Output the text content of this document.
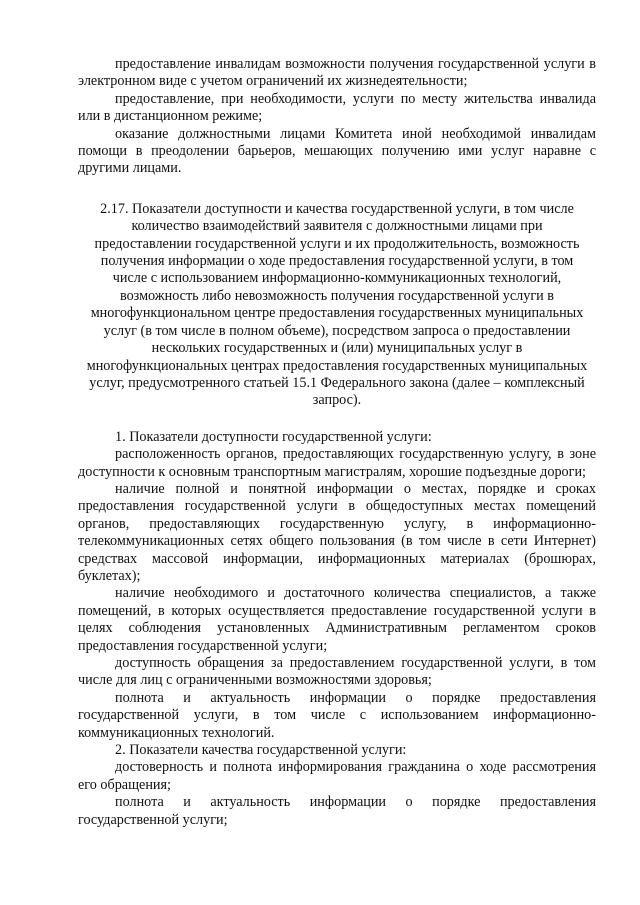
предоставление инвалидам возможности получения государственной услуги в электронном виде с учетом ограничений их жизнедеятельности;

предоставление, при необходимости, услуги по месту жительства инвалида или в дистанционном режиме;

оказание должностными лицами Комитета иной необходимой инвалидам помощи в преодолении барьеров, мешающих получению ими услуг наравне с другими лицами.

2.17. Показатели доступности и качества государственной услуги, в том числе количество взаимодействий заявителя с должностными лицами при предоставлении государственной услуги и их продолжительность, возможность получения информации о ходе предоставления государственной услуги, в том числе с использованием информационно-коммуникационных технологий, возможность либо невозможность получения государственной услуги в многофункциональном центре предоставления государственных муниципальных услуг (в том числе в полном объеме), посредством запроса о предоставлении нескольких государственных и (или) муниципальных услуг в многофункциональных центрах предоставления государственных муниципальных услуг, предусмотренного статьей 15.1 Федерального закона (далее – комплексный запрос).

1. Показатели доступности государственной услуги:

расположенность органов, предоставляющих государственную услугу, в зоне доступности к основным транспортным магистралям, хорошие подъездные дороги;

наличие полной и понятной информации о местах, порядке и сроках предоставления государственной услуги в общедоступных местах помещений органов, предоставляющих государственную услугу, в информационно-телекоммуникационных сетях общего пользования (в том числе в сети Интернет) средствах массовой информации, информационных материалах (брошюрах, буклетах);

наличие необходимого и достаточного количества специалистов, а также помещений, в которых осуществляется предоставление государственной услуги в целях соблюдения установленных Административным регламентом сроков предоставления государственной услуги;

доступность обращения за предоставлением государственной услуги, в том числе для лиц с ограниченными возможностями здоровья;

полнота и актуальность информации о порядке предоставления государственной услуги, в том числе с использованием информационно-коммуникационных технологий.

2. Показатели качества государственной услуги:

достоверность и полнота информирования гражданина о ходе рассмотрения его обращения;

полнота и актуальность информации о порядке предоставления государственной услуги;
